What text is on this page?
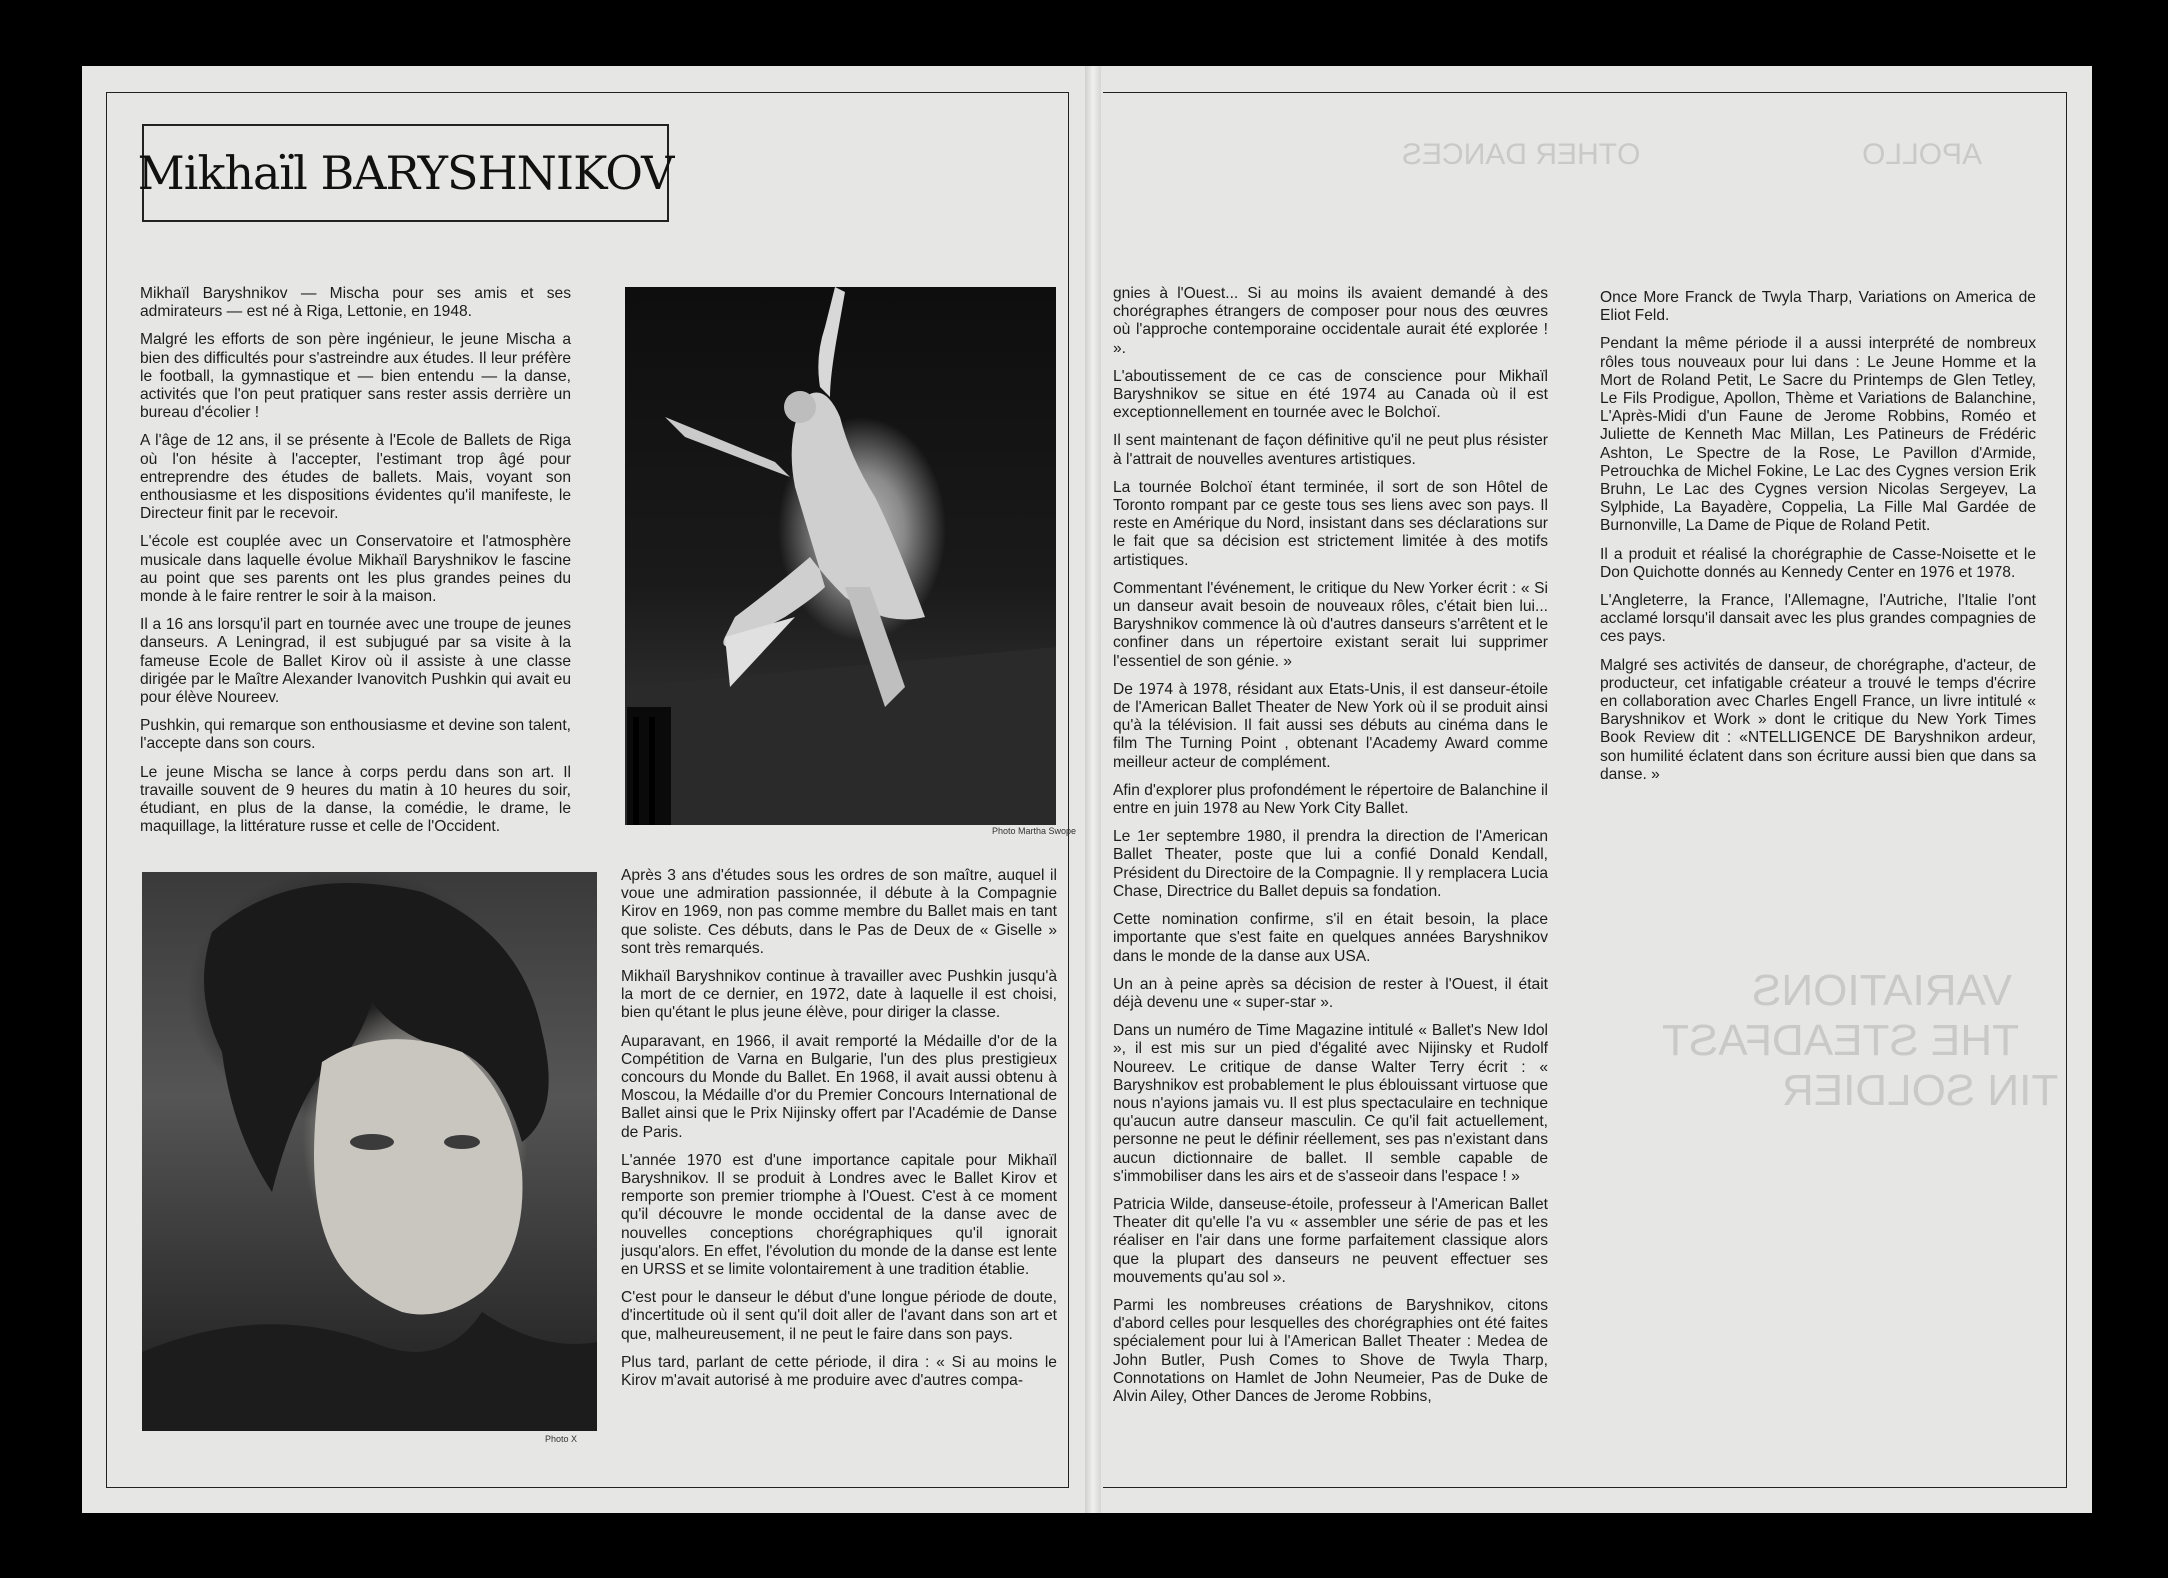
APOLLO
OTHER DANCES
VARIATIONS
THE STEADFAST
TIN SOLDIER
Mikhaïl BARYSHNIKOV

Mikhaïl Baryshnikov — Mischa pour ses amis et ses admirateurs — est né à Riga, Lettonie, en 1948.

Malgré les efforts de son père ingénieur, le jeune Mischa a bien des difficultés pour s'astreindre aux études. Il leur préfère le football, la gymnastique et — bien entendu — la danse, activités que l'on peut pratiquer sans rester assis derrière un bureau d'écolier !

A l'âge de 12 ans, il se présente à l'Ecole de Ballets de Riga où l'on hésite à l'accepter, l'estimant trop âgé pour entreprendre des études de ballets. Mais, voyant son enthousiasme et les dispositions évidentes qu'il manifeste, le Directeur finit par le recevoir.

L'école est couplée avec un Conservatoire et l'atmosphère musicale dans laquelle évolue Mikhaïl Baryshnikov le fascine au point que ses parents ont les plus grandes peines du monde à le faire rentrer le soir à la maison.

Il a 16 ans lorsqu'il part en tournée avec une troupe de jeunes danseurs. A Leningrad, il est subjugué par sa visite à la fameuse Ecole de Ballet Kirov où il assiste à une classe dirigée par le Maître Alexander Ivanovitch Pushkin qui avait eu pour élève Noureev.

Pushkin, qui remarque son enthousiasme et devine son talent, l'accepte dans son cours.

Le jeune Mischa se lance à corps perdu dans son art. Il travaille souvent de 9 heures du matin à 10 heures du soir, étudiant, en plus de la danse, la comédie, le drame, le maquillage, la littérature russe et celle de l'Occident.	Photo Martha Swope
Photo X

Après 3 ans d'études sous les ordres de son maître, auquel il voue une admiration passionnée, il débute à la Compagnie Kirov en 1969, non pas comme membre du Ballet mais en tant que soliste. Ces débuts, dans le Pas de Deux de « Giselle » sont très remarqués.

Mikhaïl Baryshnikov continue à travailler avec Pushkin jusqu'à la mort de ce dernier, en 1972, date à laquelle il est choisi, bien qu'étant le plus jeune élève, pour diriger la classe.

Auparavant, en 1966, il avait remporté la Médaille d'or de la Compétition de Varna en Bulgarie, l'un des plus prestigieux concours du Monde du Ballet. En 1968, il avait aussi obtenu à Moscou, la Médaille d'or du Premier Concours International de Ballet ainsi que le Prix Nijinsky offert par l'Académie de Danse de Paris.

L'année 1970 est d'une importance capitale pour Mikhaïl Baryshnikov. Il se produit à Londres avec le Ballet Kirov et remporte son premier triomphe à l'Ouest. C'est à ce moment qu'il découvre le monde occidental de la danse avec de nouvelles conceptions chorégraphiques qu'il ignorait jusqu'alors. En effet, l'évolution du monde de la danse est lente en URSS et se limite volontairement à une tradition établie.

C'est pour le danseur le début d'une longue période de doute, d'incertitude où il sent qu'il doit aller de l'avant dans son art et que, malheureusement, il ne peut le faire dans son pays.

Plus tard, parlant de cette période, il dira : « Si au moins le Kirov m'avait autorisé à me produire avec d'autres compa-

gnies à l'Ouest... Si au moins ils avaient demandé à des chorégraphes étrangers de composer pour nous des œuvres où l'approche contemporaine occidentale aurait été explorée ! ».

L'aboutissement de ce cas de conscience pour Mikhaïl Baryshnikov se situe en été 1974 au Canada où il est exceptionnellement en tournée avec le Bolchoï.

Il sent maintenant de façon définitive qu'il ne peut plus résister à l'attrait de nouvelles aventures artistiques.

La tournée Bolchoï étant terminée, il sort de son Hôtel de Toronto rompant par ce geste tous ses liens avec son pays. Il reste en Amérique du Nord, insistant dans ses déclarations sur le fait que sa décision est strictement limitée à des motifs artistiques.

Commentant l'événement, le critique du New Yorker écrit : « Si un danseur avait besoin de nouveaux rôles, c'était bien lui... Baryshnikov commence là où d'autres danseurs s'arrêtent et le confiner dans un répertoire existant serait lui supprimer l'essentiel de son génie. »

De 1974 à 1978, résidant aux Etats-Unis, il est danseur-étoile de l'American Ballet Theater de New York où il se produit ainsi qu'à la télévision. Il fait aussi ses débuts au cinéma dans le film The Turning Point , obtenant l'Academy Award comme meilleur acteur de complément.

Afin d'explorer plus profondément le répertoire de Balanchine il entre en juin 1978 au New York City Ballet.

Le 1er septembre 1980, il prendra la direction de l'American Ballet Theater, poste que lui a confié Donald Kendall, Président du Directoire de la Compagnie. Il y remplacera Lucia Chase, Directrice du Ballet depuis sa fondation.

Cette nomination confirme, s'il en était besoin, la place importante que s'est faite en quelques années Baryshnikov dans le monde de la danse aux USA.

Un an à peine après sa décision de rester à l'Ouest, il était déjà devenu une « super-star ».

Dans un numéro de Time Magazine intitulé « Ballet's New Idol », il est mis sur un pied d'égalité avec Nijinsky et Rudolf Noureev. Le critique de danse Walter Terry écrit : « Baryshnikov est probablement le plus éblouissant virtuose que nous n'ayions jamais vu. Il est plus spectaculaire en technique qu'aucun autre danseur masculin. Ce qu'il fait actuellement, personne ne peut le définir réellement, ses pas n'existant dans aucun dictionnaire de ballet. Il semble capable de s'immobiliser dans les airs et de s'asseoir dans l'espace ! »

Patricia Wilde, danseuse-étoile, professeur à l'American Ballet Theater dit qu'elle l'a vu « assembler une série de pas et les réaliser en l'air dans une forme parfaitement classique alors que la plupart des danseurs ne peuvent effectuer ses mouvements qu'au sol ».

Parmi les nombreuses créations de Baryshnikov, citons d'abord celles pour lesquelles des chorégraphies ont été faites spécialement pour lui à l'American Ballet Theater : Medea de John Butler, Push Comes to Shove de Twyla Tharp, Connotations on Hamlet de John Neumeier, Pas de Duke de Alvin Ailey, Other Dances de Jerome Robbins,

Once More Franck de Twyla Tharp, Variations on America de Eliot Feld.

Pendant la même période il a aussi interprété de nombreux rôles tous nouveaux pour lui dans : Le Jeune Homme et la Mort de Roland Petit, Le Sacre du Printemps de Glen Tetley, Le Fils Prodigue, Apollon, Thème et Variations de Balanchine, L'Après-Midi d'un Faune de Jerome Robbins, Roméo et Juliette de Kenneth Mac Millan, Les Patineurs de Frédéric Ashton, Le Spectre de la Rose, Le Pavillon d'Armide, Petrouchka de Michel Fokine, Le Lac des Cygnes version Erik Bruhn, Le Lac des Cygnes version Nicolas Sergeyev, La Sylphide, La Bayadère, Coppelia, La Fille Mal Gardée de Burnonville, La Dame de Pique de Roland Petit.

Il a produit et réalisé la chorégraphie de Casse-Noisette et le Don Quichotte donnés au Kennedy Center en 1976 et 1978.

L'Angleterre, la France, l'Allemagne, l'Autriche, l'Italie l'ont acclamé lorsqu'il dansait avec les plus grandes compagnies de ces pays.

Malgré ses activités de danseur, de chorégraphe, d'acteur, de producteur, cet infatigable créateur a trouvé le temps d'écrire en collaboration avec Charles Engell France, un livre intitulé « Baryshnikov et Work » dont le critique du New York Times Book Review dit : «NTELLIGENCE DE Baryshnikon ardeur, son humilité éclatent dans son écriture aussi bien que dans sa danse. »
